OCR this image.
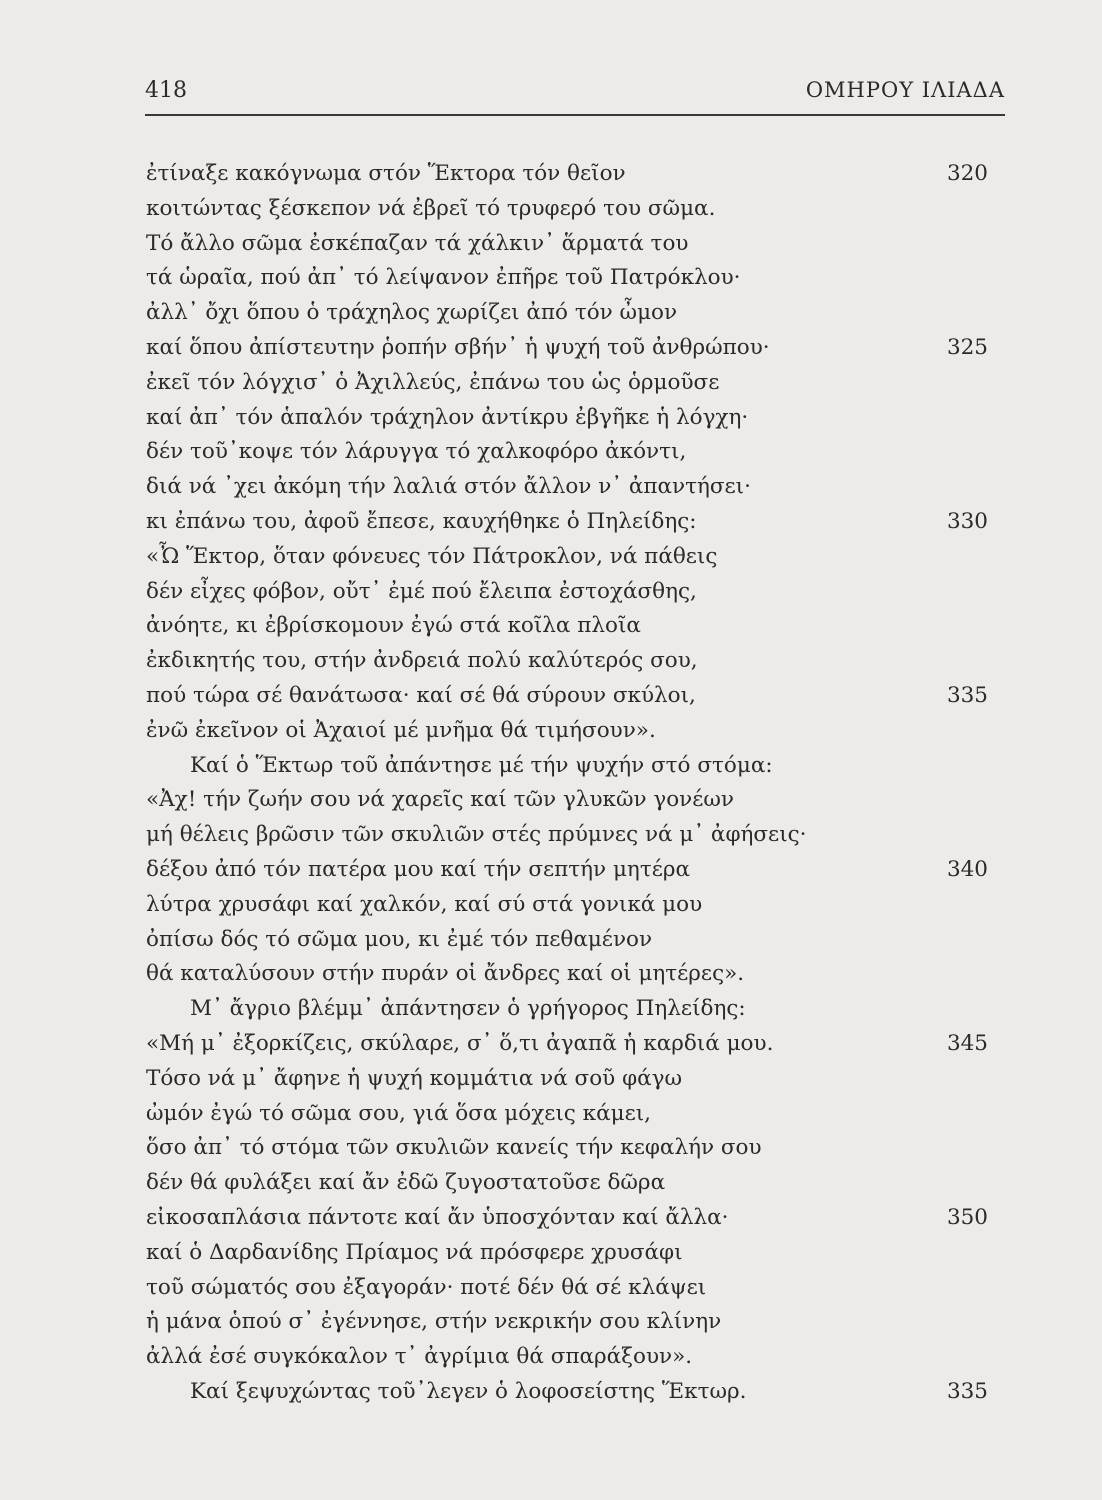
418	ΟΜΗΡΟΥ ΙΛΙΑΔΑ
ἐτίναξε κακόγνωμα στόν Ἕκτορα τόν θεῖον	320
κοιτώντας ξέσκεπον νά ἐβρεῖ τό τρυφερό του σῶμα.
Τό ἄλλο σῶμα ἐσκέπαζαν τά χάλκιν᾿ ἅρματά του
τά ὡραῖα, πού ἀπ᾿ τό λείψανον ἐπῆρε τοῦ Πατρόκλου·
ἀλλ᾿ ὄχι ὅπου ὁ τράχηλος χωρίζει ἀπό τόν ὦμον
καί ὅπου ἀπίστευτην ῥοπήν σβήν᾿ ἡ ψυχή τοῦ ἀνθρώπου·	325
ἐκεῖ τόν λόγχισ᾿ ὁ Ἀχιλλεύς, ἐπάνω του ὡς ὁρμοῦσε
καί ἀπ᾿ τόν ἁπαλόν τράχηλον ἀντίκρυ ἐβγῆκε ἡ λόγχη·
δέν τοῦ᾿κοψε τόν λάρυγγα τό χαλκοφόρο ἀκόντι,
διά νά ᾿χει ἀκόμη τήν λαλιά στόν ἄλλον ν᾿ ἀπαντήσει·
κι ἐπάνω του, ἀφοῦ ἔπεσε, καυχήθηκε ὁ Πηλείδης:	330
«Ὦ Ἕκτορ, ὅταν φόνευες τόν Πάτροκλον, νά πάθεις
δέν εἶχες φόβον, οὔτ᾿ ἐμέ πού ἔλειπα ἐστοχάσθης,
ἀνόητε, κι ἐβρίσκομουν ἐγώ στά κοῖλα πλοῖα
ἐκδικητής του, στήν ἀνδρειά πολύ καλύτερός σου,
πού τώρα σέ θανάτωσα· καί σέ θά σύρουν σκύλοι,	335
ἐνῶ ἐκεῖνον οἱ Ἀχαιοί μέ μνῆμα θά τιμήσουν».
Καί ὁ Ἕκτωρ τοῦ ἀπάντησε μέ τήν ψυχήν στό στόμα:
«Ἀχ! τήν ζωήν σου νά χαρεῖς καί τῶν γλυκῶν γονέων
μή θέλεις βρῶσιν τῶν σκυλιῶν στές πρύμνες νά μ᾿ ἀφήσεις·
δέξου ἀπό τόν πατέρα μου καί τήν σεπτήν μητέρα	340
λύτρα χρυσάφι καί χαλκόν, καί σύ στά γονικά μου
ὀπίσω δός τό σῶμα μου, κι ἐμέ τόν πεθαμένον
θά καταλύσουν στήν πυράν οἱ ἄνδρες καί οἱ μητέρες».
Μ᾿ ἄγριο βλέμμ᾿ ἀπάντησεν ὁ γρήγορος Πηλείδης:
«Μή μ᾿ ἐξορκίζεις, σκύλαρε, σ᾿ ὅ,τι ἀγαπᾶ ἡ καρδιά μου.	345
Τόσο νά μ᾿ ἄφηνε ἡ ψυχή κομμάτια νά σοῦ φάγω
ὠμόν ἐγώ τό σῶμα σου, γιά ὅσα μόχεις κάμει,
ὅσο ἀπ᾿ τό στόμα τῶν σκυλιῶν κανείς τήν κεφαλήν σου
δέν θά φυλάξει καί ἄν ἐδῶ ζυγοστατοῦσε δῶρα
εἰκοσαπλάσια πάντοτε καί ἄν ὑποσχόνταν καί ἄλλα·	350
καί ὁ Δαρδανίδης Πρίαμος νά πρόσφερε χρυσάφι
τοῦ σώματός σου ἐξαγοράν· ποτέ δέν θά σέ κλάψει
ἡ μάνα ὁπού σ᾿ ἐγέννησε, στήν νεκρικήν σου κλίνην
ἀλλά ἐσέ συγκόκαλον τ᾿ ἀγρίμια θά σπαράξουν».
Καί ξεψυχώντας τοῦ᾿λεγεν ὁ λοφοσείστης Ἕκτωρ.	335
